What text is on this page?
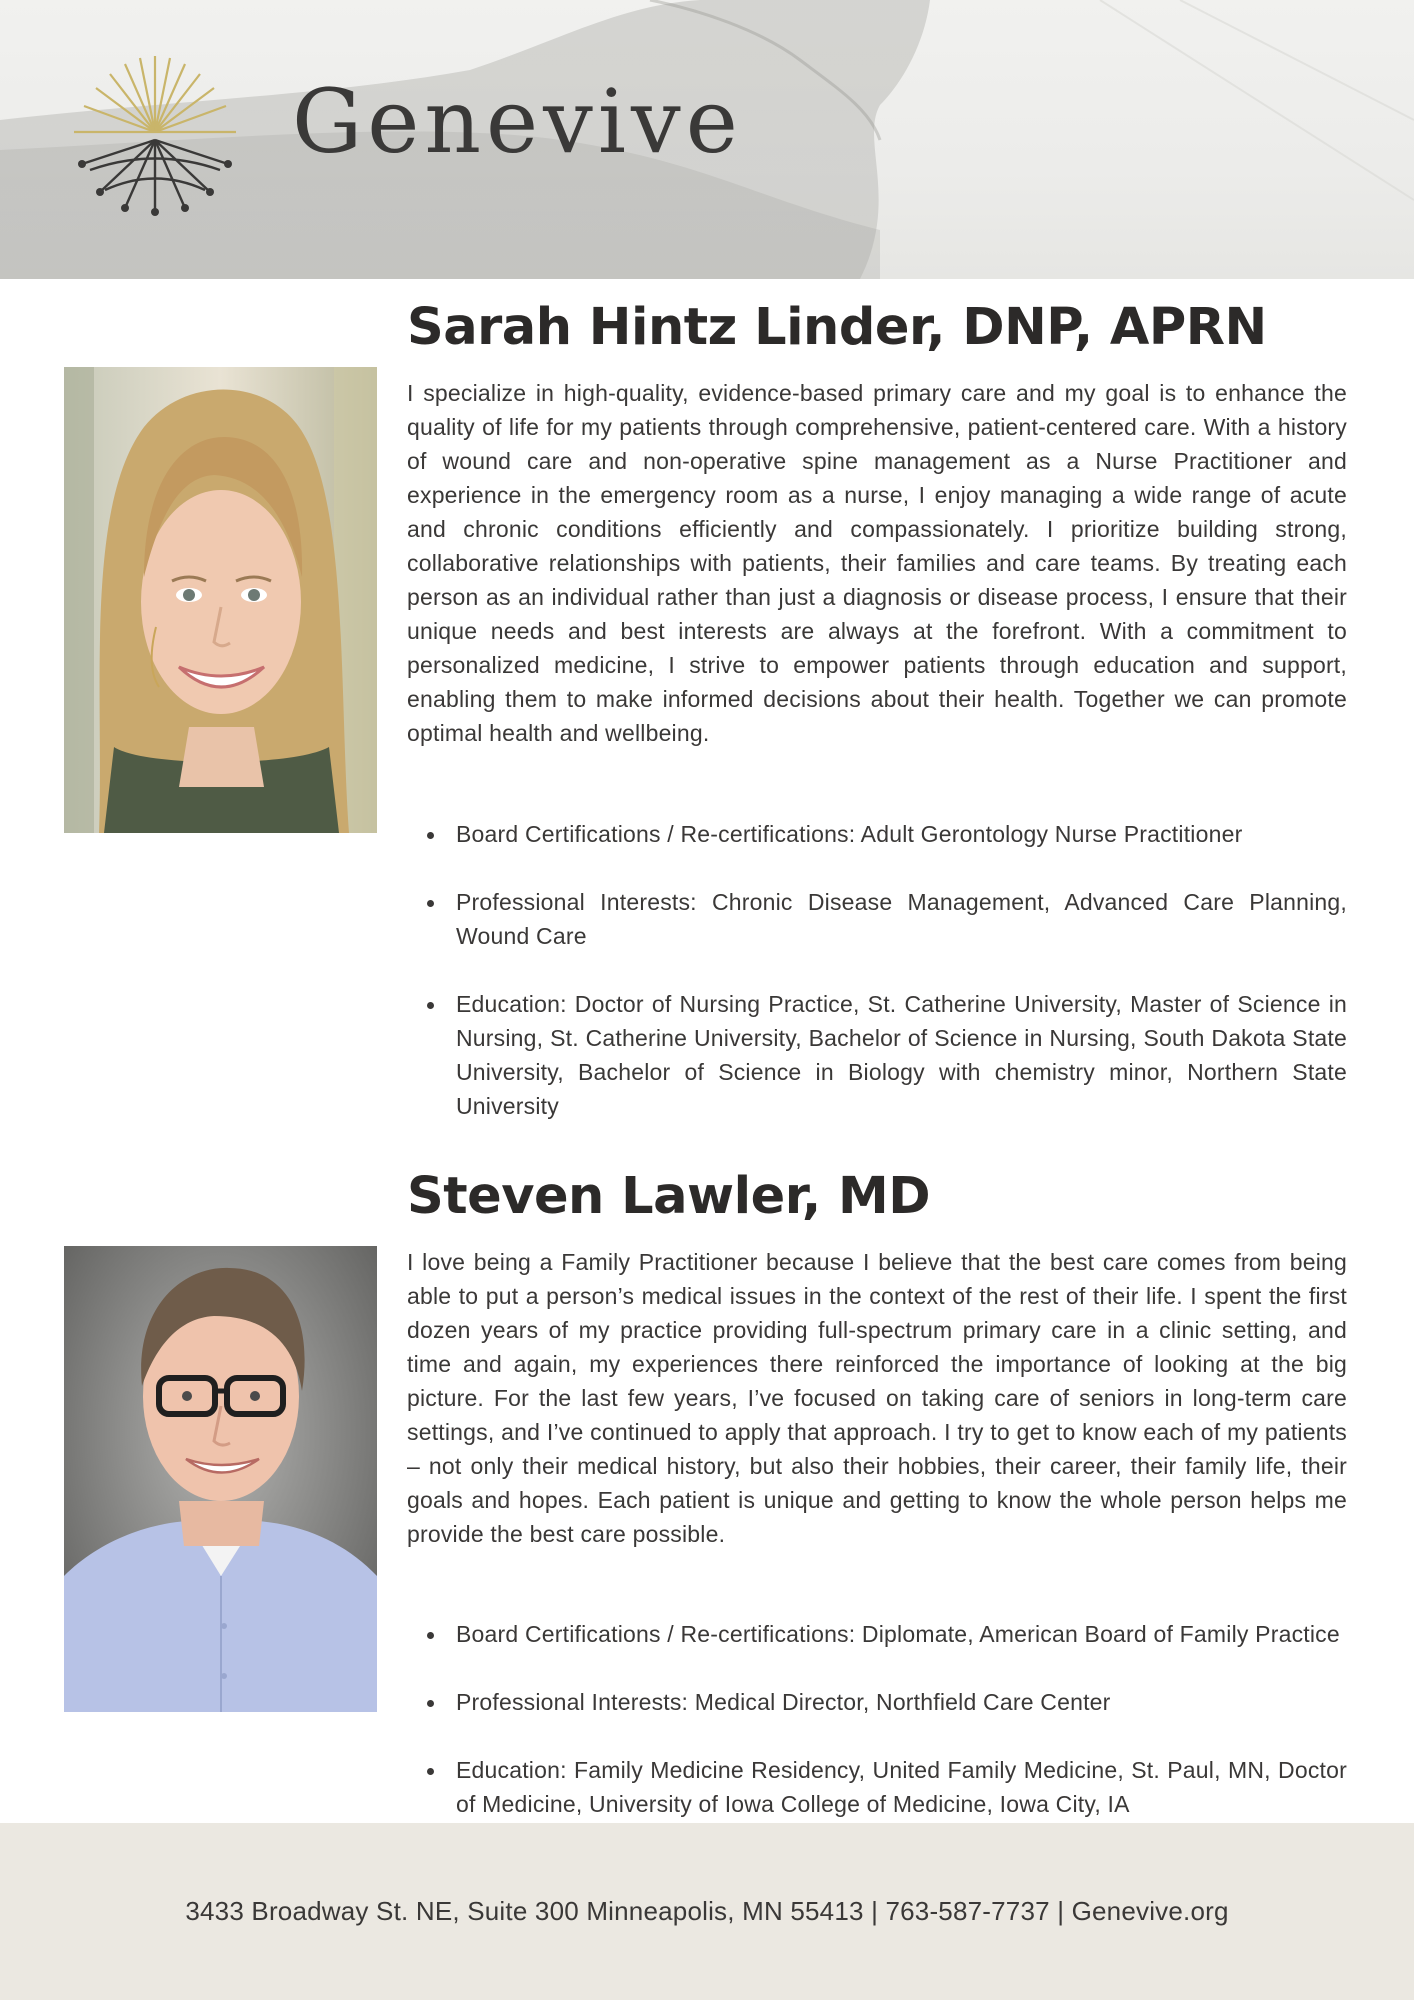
Genevive
Sarah Hintz Linder, DNP, APRN

I specialize in high-quality, evidence-based primary care and my goal is to enhance the quality of life for my patients through comprehensive, patient-centered care. With a history of wound care and non-operative spine management as a Nurse Practitioner and experience in the emergency room as a nurse, I enjoy managing a wide range of acute and chronic conditions efficiently and compassionately. I prioritize building strong, collaborative relationships with patients, their families and care teams. By treating each person as an individual rather than just a diagnosis or disease process, I ensure that their unique needs and best interests are always at the forefront. With a commitment to personalized medicine, I strive to empower patients through education and support, enabling them to make informed decisions about their health. Together we can promote optimal health and wellbeing.

Board Certifications / Re-certifications: Adult Gerontology Nurse Practitioner
Professional Interests: Chronic Disease Management, Advanced Care Planning, Wound Care
Education: Doctor of Nursing Practice, St. Catherine University, Master of Science in Nursing, St. Catherine University, Bachelor of Science in Nursing, South Dakota State University, Bachelor of Science in Biology with chemistry minor, Northern State University
Steven Lawler, MD

I love being a Family Practitioner because I believe that the best care comes from being able to put a person’s medical issues in the context of the rest of their life. I spent the first dozen years of my practice providing full-spectrum primary care in a clinic setting, and time and again, my experiences there reinforced the importance of looking at the big picture. For the last few years, I’ve focused on taking care of seniors in long-term care settings, and I’ve continued to apply that approach. I try to get to know each of my patients – not only their medical history, but also their hobbies, their career, their family life, their goals and hopes. Each patient is unique and getting to know the whole person helps me provide the best care possible.

Board Certifications / Re-certifications: Diplomate, American Board of Family Practice
Professional Interests: Medical Director, Northfield Care Center
Education: Family Medicine Residency, United Family Medicine, St. Paul, MN, Doctor of Medicine, University of Iowa College of Medicine, Iowa City, IA
3433 Broadway St. NE, Suite 300 Minneapolis, MN 55413 | 763-587-7737 | Genevive.org
